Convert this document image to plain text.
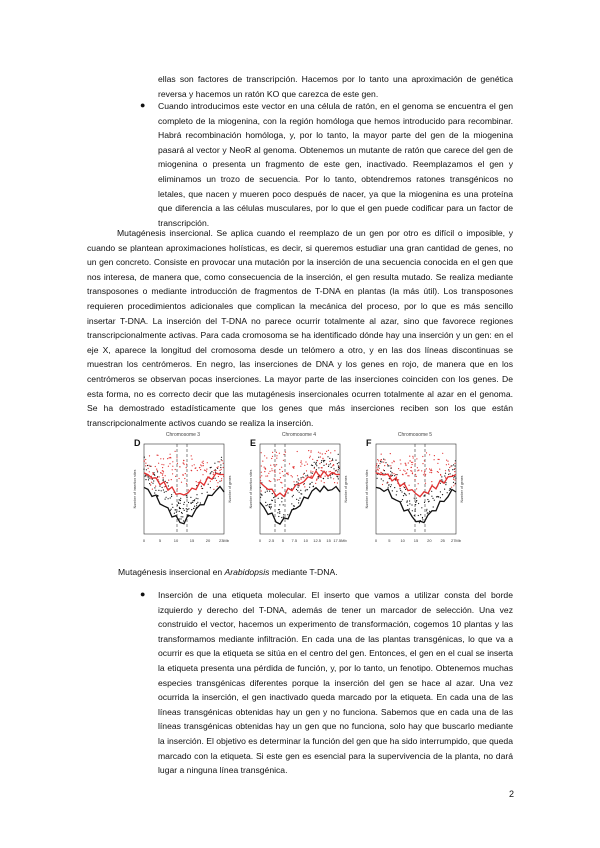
ellas son factores de transcripción. Hacemos por lo tanto una aproximación de genética reversa y hacemos un ratón KO que carezca de este gen.
● Cuando introducimos este vector en una célula de ratón, en el genoma se encuentra el gen completo de la miogenina, con la región homóloga que hemos introducido para recombinar. Habrá recombinación homóloga, y, por lo tanto, la mayor parte del gen de la miogenina pasará al vector y NeoR al genoma. Obtenemos un mutante de ratón que carece del gen de miogenina o presenta un fragmento de este gen, inactivado. Reemplazamos el gen y eliminamos un trozo de secuencia. Por lo tanto, obtendremos ratones transgénicos no letales, que nacen y mueren poco después de nacer, ya que la miogenina es una proteína que diferencia a las células musculares, por lo que el gen puede codificar para un factor de transcripción.
Mutagénesis insercional. Se aplica cuando el reemplazo de un gen por otro es difícil o imposible, y cuando se plantean aproximaciones holísticas, es decir, si queremos estudiar una gran cantidad de genes, no un gen concreto. Consiste en provocar una mutación por la inserción de una secuencia conocida en el gen que nos interesa, de manera que, como consecuencia de la inserción, el gen resulta mutado. Se realiza mediante transposones o mediante introducción de fragmentos de T-DNA en plantas (la más útil). Los transposones requieren procedimientos adicionales que complican la mecánica del proceso, por lo que es más sencillo insertar T-DNA. La inserción del T-DNA no parece ocurrir totalmente al azar, sino que favorece regiones transcripcionalmente activas. Para cada cromosoma se ha identificado dónde hay una inserción y un gen: en el eje X, aparece la longitud del cromosoma desde un telómero a otro, y en las dos líneas discontinuas se muestran los centrómeros. En negro, las inserciones de DNA y los genes en rojo, de manera que en los centrómeros se observan pocas inserciones. La mayor parte de las inserciones coinciden con los genes. De esta forma, no es correcto decir que las mutagénesis insercionales ocurren totalmente al azar en el genoma. Se ha demostrado estadísticamente que los genes que más inserciones reciben son los que están transcripcionalmente activos cuando se realiza la inserción.
Chromosome 3
D
0	5	10	15	20 23Mb
Number of insertion sites	Number of genes
Chromosome 4
E
0 2.5 5 7.5 10 12.5 15 17.5Mb
Number of insertion sites	Number of genes
Chromosome 5
F
0	5 10 15 20 25 27Mb
Number of insertion sites	Number of genes
Mutagénesis insercional en Arabidopsis mediante T-DNA.
● Inserción de una etiqueta molecular. El inserto que vamos a utilizar consta del borde izquierdo y derecho del T-DNA, además de tener un marcador de selección. Una vez construido el vector, hacemos un experimento de transformación, cogemos 10 plantas y las transformamos mediante infiltración. En cada una de las plantas transgénicas, lo que va a ocurrir es que la etiqueta se sitúa en el centro del gen. Entonces, el gen en el cual se inserta la etiqueta presenta una pérdida de función, y, por lo tanto, un fenotipo. Obtenemos muchas especies transgénicas diferentes porque la inserción del gen se hace al azar. Una vez ocurrida la inserción, el gen inactivado queda marcado por la etiqueta. En cada una de las líneas transgénicas obtenidas hay un gen y no funciona. Sabemos que en cada una de las líneas transgénicas obtenidas hay un gen que no funciona, solo hay que buscarlo mediante la inserción. El objetivo es determinar la función del gen que ha sido interrumpido, que queda marcado con la etiqueta. Si este gen es esencial para la supervivencia de la planta, no dará lugar a ninguna línea transgénica.
2
